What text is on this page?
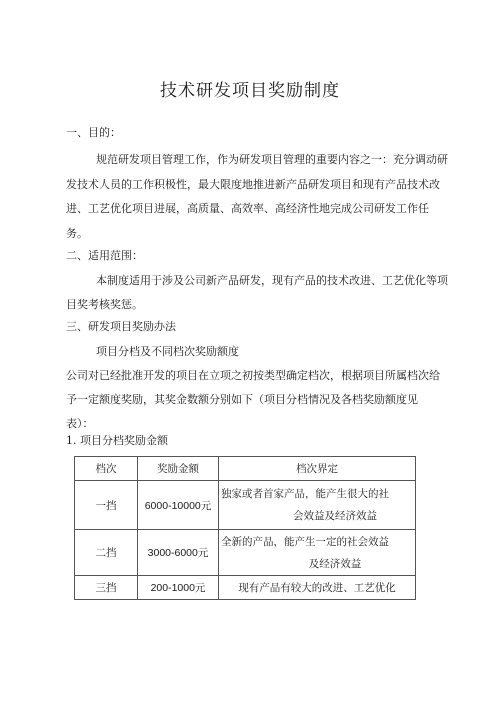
技术研发项目奖励制度
一、目的：
规范研发项目管理工作，作为研发项目管理的重要内容之一：充分调动研
发技术人员的工作积极性，最大限度地推进新产品研发项目和现有产品技术改
进、工艺优化项目进展，高质量、高效率、高经济性地完成公司研发工作任
务。
二、适用范围：
本制度适用于涉及公司新产品研发，现有产品的技术改进、工艺优化等项
目奖考核奖惩。
三、研发项目奖励办法
项目分档及不同档次奖励额度
公司对已经批准开发的项目在立项之初按类型确定档次，根据项目所属档次给
予一定额度奖励，其奖金数额分别如下（项目分档情况及各档奖励额度见
表）：
1. 项目分档奖励金额
档次	奖励金额	档次界定
一挡	6000-10000元	独家或者首家产品，能产生很大的社
会效益及经济效益

二挡	3000-6000元	全新的产品，能产生一定的社会效益
及经济效益

三挡	200-1000元	现有产品有较大的改进、工艺优化
